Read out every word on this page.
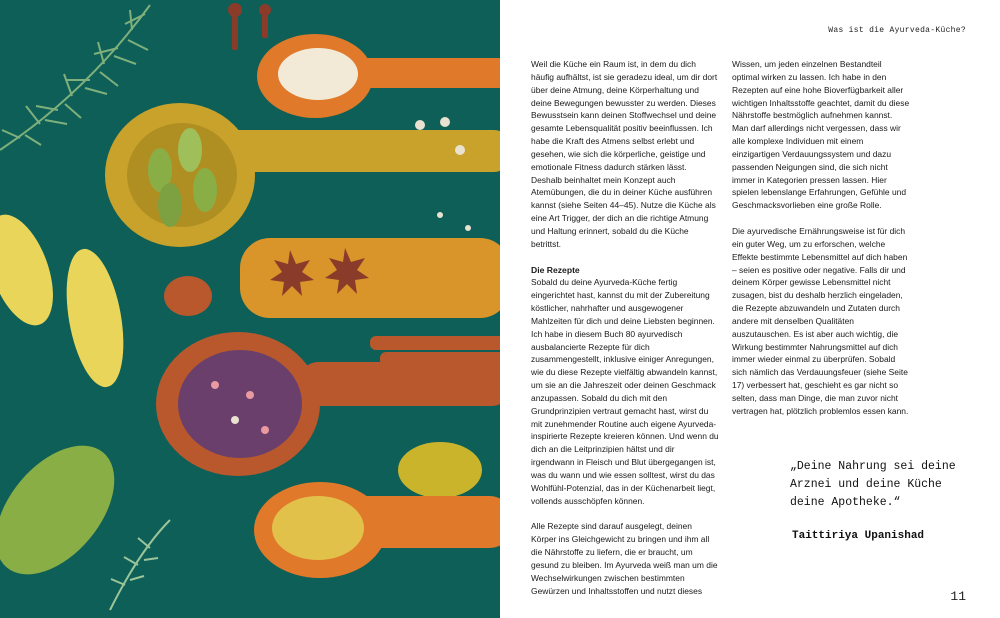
Was ist die Ayurveda-Küche?

Weil die Küche ein Raum ist, in dem du dich häufig aufhältst, ist sie geradezu ideal, um dir dort über deine Atmung, deine Körperhaltung und deine Bewegungen bewusster zu werden. Dieses Bewusstsein kann deinen Stoffwechsel und deine gesamte Lebensqualität positiv beeinflussen. Ich habe die Kraft des Atmens selbst erlebt und gesehen, wie sich die körperliche, geistige und emotionale Fitness dadurch stärken lässt. Deshalb beinhaltet mein Konzept auch Atemübungen, die du in deiner Küche ausführen kannst (siehe Seiten 44–45). Nutze die Küche als eine Art Trigger, der dich an die richtige Atmung und Haltung erinnert, sobald du die Küche betrittst.

Die Rezepte

Sobald du deine Ayurveda-Küche fertig eingerichtet hast, kannst du mit der Zubereitung köstlicher, nahrhafter und ausgewogener Mahlzeiten für dich und deine Liebsten beginnen. Ich habe in diesem Buch 80 ayurvedisch ausbalancierte Rezepte für dich zusammengestellt, inklusive einiger Anregungen, wie du diese Rezepte vielfältig abwandeln kannst, um sie an die Jahreszeit oder deinen Geschmack anzupassen. Sobald du dich mit den Grundprinzipien vertraut gemacht hast, wirst du mit zunehmender Routine auch eigene Ayurveda-inspirierte Rezepte kreieren können. Und wenn du dich an die Leitprinzipien hältst und dir irgendwann in Fleisch und Blut übergegangen ist, was du wann und wie essen solltest, wirst du das Wohlfühl-Potenzial, das in der Küchenarbeit liegt, vollends ausschöpfen können.

Alle Rezepte sind darauf ausgelegt, deinen Körper ins Gleichgewicht zu bringen und ihm all die Nährstoffe zu liefern, die er braucht, um gesund zu bleiben. Im Ayurveda weiß man um die Wechselwirkungen zwischen bestimmten Gewürzen und Inhaltsstoffen und nutzt dieses

Wissen, um jeden einzelnen Bestandteil optimal wirken zu lassen. Ich habe in den Rezepten auf eine hohe Bioverfügbarkeit aller wichtigen Inhaltsstoffe geachtet, damit du diese Nährstoffe bestmöglich aufnehmen kannst. Man darf allerdings nicht vergessen, dass wir alle komplexe Individuen mit einem einzigartigen Verdauungssystem und dazu passenden Neigungen sind, die sich nicht immer in Kategorien pressen lassen. Hier spielen lebenslange Erfahrungen, Gefühle und Geschmacksvorlieben eine große Rolle.

Die ayurvedische Ernährungsweise ist für dich ein guter Weg, um zu erforschen, welche Effekte bestimmte Lebensmittel auf dich haben – seien es positive oder negative. Falls dir und deinem Körper gewisse Lebensmittel nicht zusagen, bist du deshalb herzlich eingeladen, die Rezepte abzuwandeln und Zutaten durch andere mit denselben Qualitäten auszutauschen. Es ist aber auch wichtig, die Wirkung bestimmter Nahrungsmittel auf dich immer wieder einmal zu überprüfen. Sobald sich nämlich das Verdauungsfeuer (siehe Seite 17) verbessert hat, geschieht es gar nicht so selten, dass man Dinge, die man zuvor nicht vertragen hat, plötzlich problemlos essen kann.

„Deine Nahrung sei deine Arznei und deine Küche deine Apotheke.“
Taittiriya Upanishad
11
